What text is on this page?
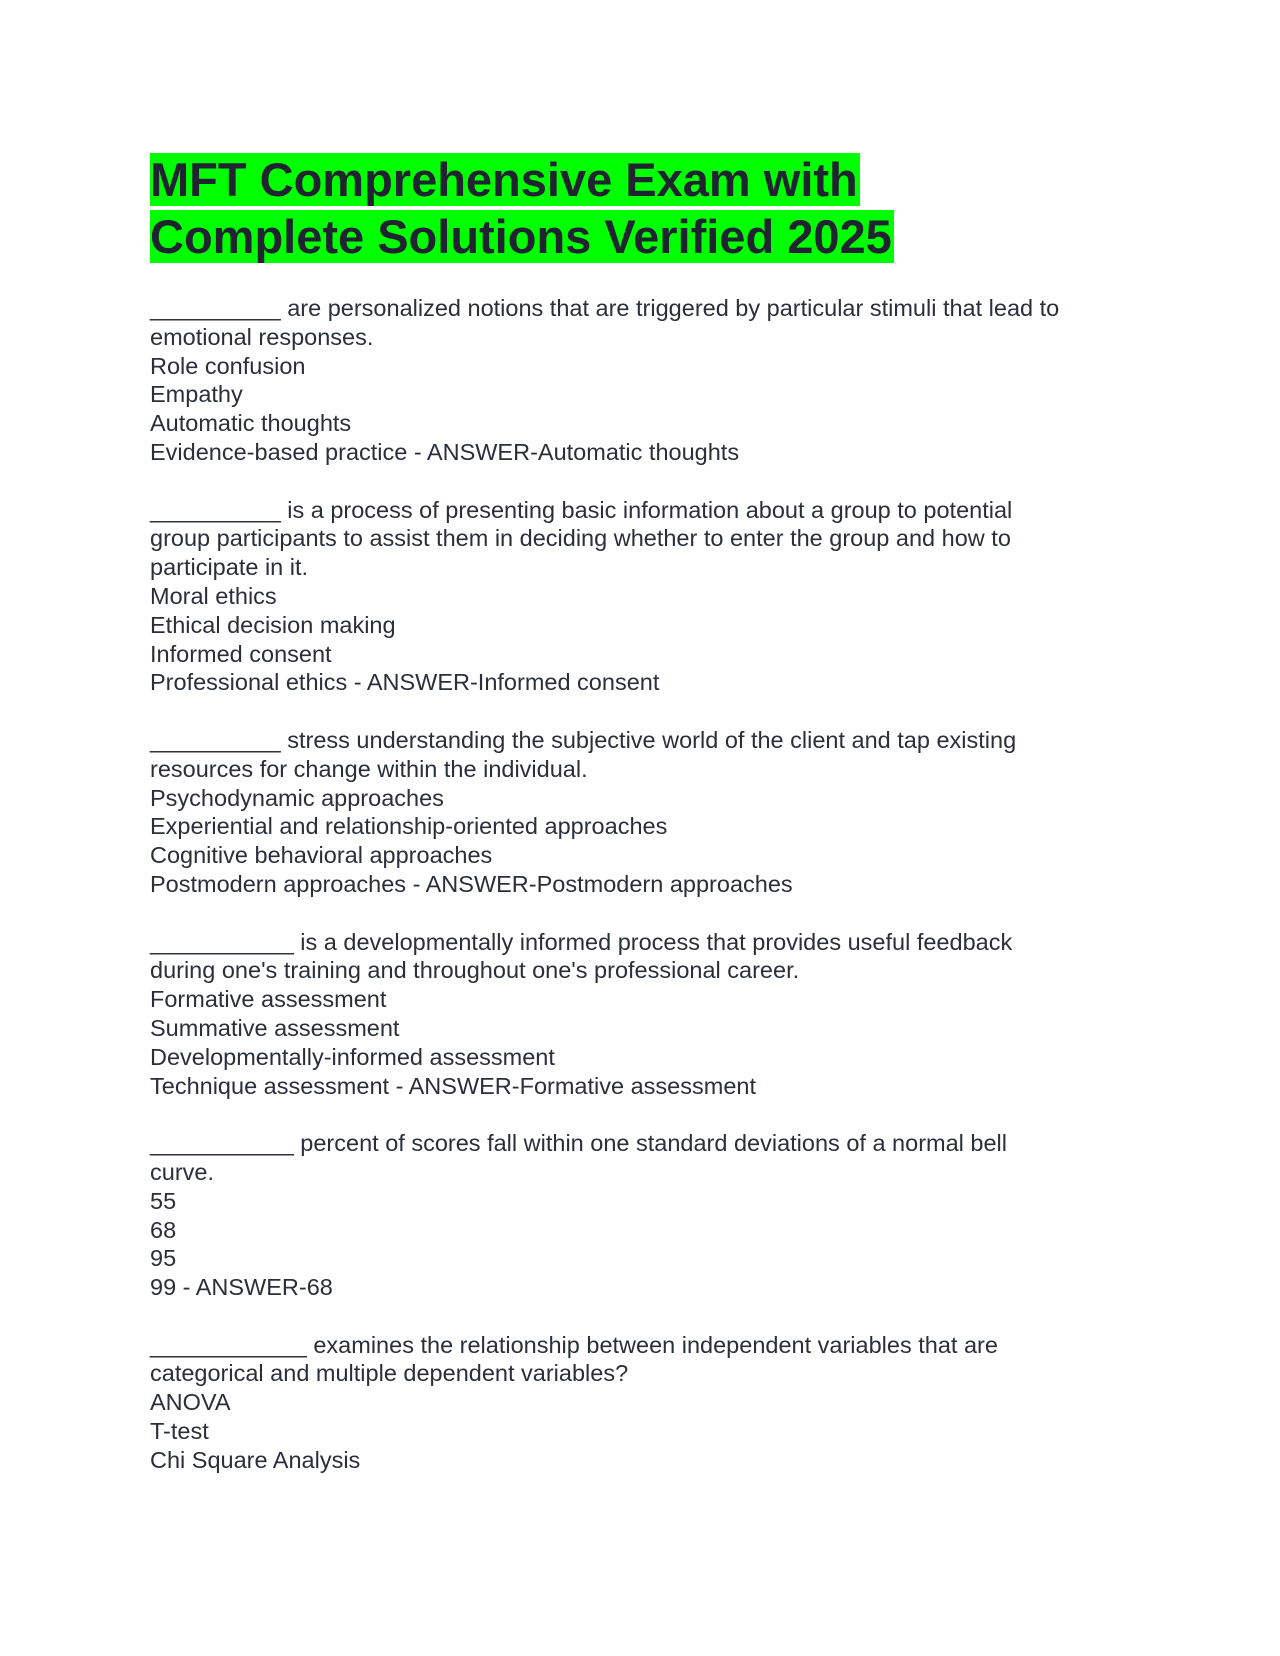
MFT Comprehensive Exam with
Complete Solutions Verified 2025
__________ are personalized notions that are triggered by particular stimuli that lead to
emotional responses.
Role confusion
Empathy
Automatic thoughts
Evidence-based practice - ANSWER-Automatic thoughts
__________ is a process of presenting basic information about a group to potential
group participants to assist them in deciding whether to enter the group and how to
participate in it.
Moral ethics
Ethical decision making
Informed consent
Professional ethics - ANSWER-Informed consent
__________ stress understanding the subjective world of the client and tap existing
resources for change within the individual.
Psychodynamic approaches
Experiential and relationship-oriented approaches
Cognitive behavioral approaches
Postmodern approaches - ANSWER-Postmodern approaches
___________ is a developmentally informed process that provides useful feedback
during one's training and throughout one's professional career.
Formative assessment
Summative assessment
Developmentally-informed assessment
Technique assessment - ANSWER-Formative assessment
___________ percent of scores fall within one standard deviations of a normal bell
curve.
55
68
95
99 - ANSWER-68
____________ examines the relationship between independent variables that are
categorical and multiple dependent variables?
ANOVA
T-test
Chi Square Analysis
